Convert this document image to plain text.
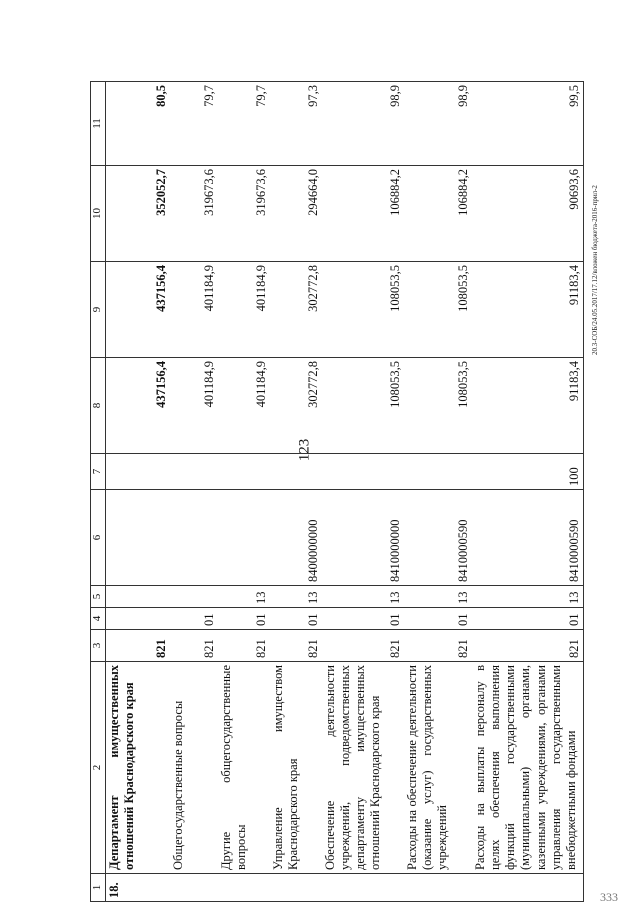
123
20.3-СОБ/24.05.2017/17.12/вложен бюджета-2016-прил-2
333
1	2	3	4	5	6	7	8	9	10	11
18.	Департамент имущественных отношений Краснодарского края	821					437156,4	437156,4	352052,7	80,5
	Общегосударственные вопросы	821	01				401184,9	401184,9	319673,6	79,7
	Другие общегосударственные вопросы	821	01	13			401184,9	401184,9	319673,6	79,7
	Управление имуществом Краснодарского края	821	01	13	8400000000		302772,8	302772,8	294664,0	97,3
	Обеспечение деятельности учреждений, подведомственных департаменту имущественных отношений Краснодарского края	821	01	13	8410000000		108053,5	108053,5	106884,2	98,9
	Расходы на обеспечение деятельности (оказание услуг) государственных учреждений	821	01	13	8410000590		108053,5	108053,5	106884,2	98,9
	Расходы на выплаты персоналу в целях обеспечения выполнения функций государственными (муниципальными) органами, казенными учреждениями, органами управления государственными внебюджетными фондами	821	01	13	8410000590	100	91183,4	91183,4	90693,6	99,5
